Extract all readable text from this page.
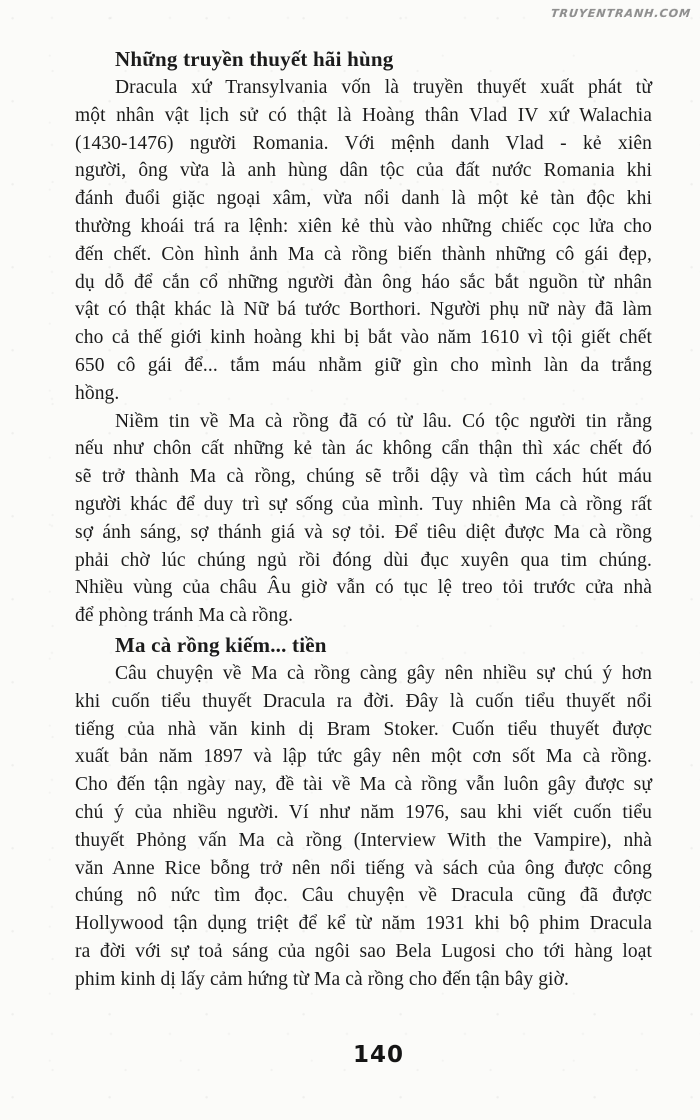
TRUYENTRANH.COM
Những truyền thuyết hãi hùng
Dracula xứ Transylvania vốn là truyền thuyết xuất phát từ
một nhân vật lịch sử có thật là Hoàng thân Vlad IV xứ Walachia
(1430-1476) người Romania. Với mệnh danh Vlad - kẻ xiên
người, ông vừa là anh hùng dân tộc của đất nước Romania khi
đánh đuổi giặc ngoại xâm, vừa nổi danh là một kẻ tàn độc khi
thường khoái trá ra lệnh: xiên kẻ thù vào những chiếc cọc lửa cho
đến chết. Còn hình ảnh Ma cà rồng biến thành những cô gái đẹp,
dụ dỗ để cắn cổ những người đàn ông háo sắc bắt nguồn từ nhân
vật có thật khác là Nữ bá tước Borthori. Người phụ nữ này đã làm
cho cả thế giới kinh hoàng khi bị bắt vào năm 1610 vì tội giết chết
650 cô gái để... tắm máu nhằm giữ gìn cho mình làn da trắng
hồng.
Niềm tin về Ma cà rồng đã có từ lâu. Có tộc người tin rằng
nếu như chôn cất những kẻ tàn ác không cẩn thận thì xác chết đó
sẽ trở thành Ma cà rồng, chúng sẽ trỗi dậy và tìm cách hút máu
người khác để duy trì sự sống của mình. Tuy nhiên Ma cà rồng rất
sợ ánh sáng, sợ thánh giá và sợ tỏi. Để tiêu diệt được Ma cà rồng
phải chờ lúc chúng ngủ rồi đóng dùi đục xuyên qua tim chúng.
Nhiều vùng của châu Âu giờ vẫn có tục lệ treo tỏi trước cửa nhà
để phòng tránh Ma cà rồng.
Ma cà rồng kiếm... tiền
Câu chuyện về Ma cà rồng càng gây nên nhiều sự chú ý hơn
khi cuốn tiểu thuyết Dracula ra đời. Đây là cuốn tiểu thuyết nổi
tiếng của nhà văn kinh dị Bram Stoker. Cuốn tiểu thuyết được
xuất bản năm 1897 và lập tức gây nên một cơn sốt Ma cà rồng.
Cho đến tận ngày nay, đề tài về Ma cà rồng vẫn luôn gây được sự
chú ý của nhiều người. Ví như năm 1976, sau khi viết cuốn tiểu
thuyết Phỏng vấn Ma cà rồng (Interview With the Vampire), nhà
văn Anne Rice bỗng trở nên nổi tiếng và sách của ông được công
chúng nô nức tìm đọc. Câu chuyện về Dracula cũng đã được
Hollywood tận dụng triệt để kể từ năm 1931 khi bộ phim Dracula
ra đời với sự toả sáng của ngôi sao Bela Lugosi cho tới hàng loạt
phim kinh dị lấy cảm hứng từ Ma cà rồng cho đến tận bây giờ.
140
